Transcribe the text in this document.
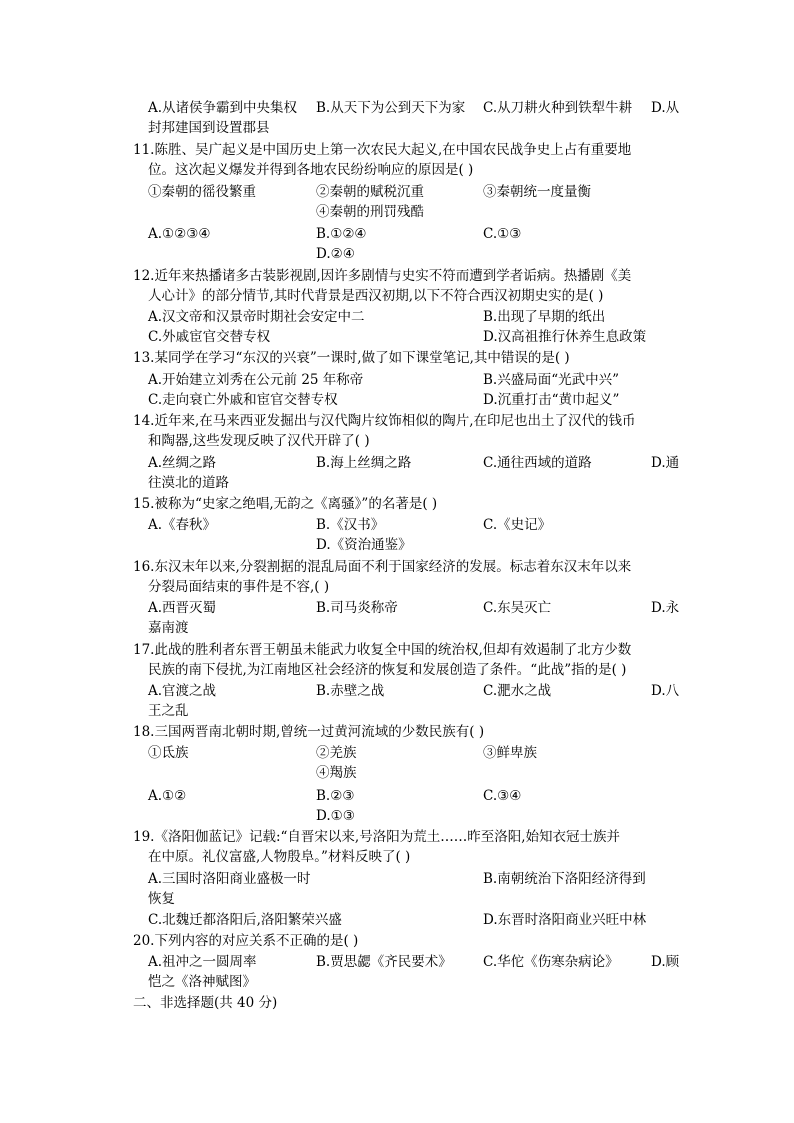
A.从诸侯争霸到中央集权 B.从天下为公到天下为家 C.从刀耕火种到铁犁牛耕 D.从
封邦建国到设置郡县
11.陈胜、吴广起义是中国历史上第一次农民大起义,在中国农民战争史上占有重要地
位。这次起义爆发并得到各地农民纷纷响应的原因是( )
①秦朝的徭役繁重	②秦朝的赋税沉重	③秦朝统一度量衡
④秦朝的刑罚残酷
A.①②③④	B.①②④	C.①③
D.②④
12.近年来热播诸多古装影视剧,因许多剧情与史实不符而遭到学者诟病。热播剧《美
人心计》的部分情节,其时代背景是西汉初期,以下不符合西汉初期史实的是( )
A.汉文帝和汉景帝时期社会安定中二	B.出现了早期的纸出
C.外戚宦官交替专权	D.汉高祖推行休养生息政策
13.某同学在学习“东汉的兴衰”一课时,做了如下课堂笔记,其中错误的是( )
A.开始建立刘秀在公元前 25 年称帝	B.兴盛局面“光武中兴”
C.走向衰亡外戚和宦官交替专权	D.沉重打击“黄巾起义”
14.近年来,在马来西亚发掘出与汉代陶片纹饰相似的陶片,在印尼也出土了汉代的钱币
和陶器,这些发现反映了汉代开辟了( )
A.丝绸之路	B.海上丝绸之路	C.通往西域的道路	D.通
往漠北的道路
15.被称为“史家之绝唱,无韵之《离骚》”的名著是( )
A.《春秋》	B.《汉书》	C.《史记》
D.《资治通鉴》
16.东汉末年以来,分裂割据的混乱局面不利于国家经济的发展。标志着东汉末年以来
分裂局面结束的事件是不容,( )
A.西晋灭蜀	B.司马炎称帝	C.东吴灭亡	D.永
嘉南渡
17.此战的胜利者东晋王朝虽未能武力收复全中国的统治权,但却有效遏制了北方少数
民族的南下侵扰,为江南地区社会经济的恢复和发展创造了条件。“此战”指的是( )
A.官渡之战	B.赤壁之战	C.淝水之战	D.八
王之乱
18.三国两晋南北朝时期,曾统一过黄河流域的少数民族有( )
①氐族	②羌族	③鲜卑族
④羯族
A.①②	B.②③	C.③④
D.①③
19.《洛阳伽蓝记》记载:“自晋宋以来,号洛阳为荒土……昨至洛阳,始知衣冠士族并
在中原。礼仪富盛,人物殷阜。”材料反映了( )
A.三国时洛阳商业盛极一时	B.南朝统治下洛阳经济得到
恢复
C.北魏迁都洛阳后,洛阳繁荣兴盛	D.东晋时洛阳商业兴旺中林
20.下列内容的对应关系不正确的是( )
A.祖冲之一圆周率	B.贾思勰《齐民要术》 C.华佗《伤寒杂病论》 D.顾
恺之《洛神赋图》
二、非选择题(共 40 分)
